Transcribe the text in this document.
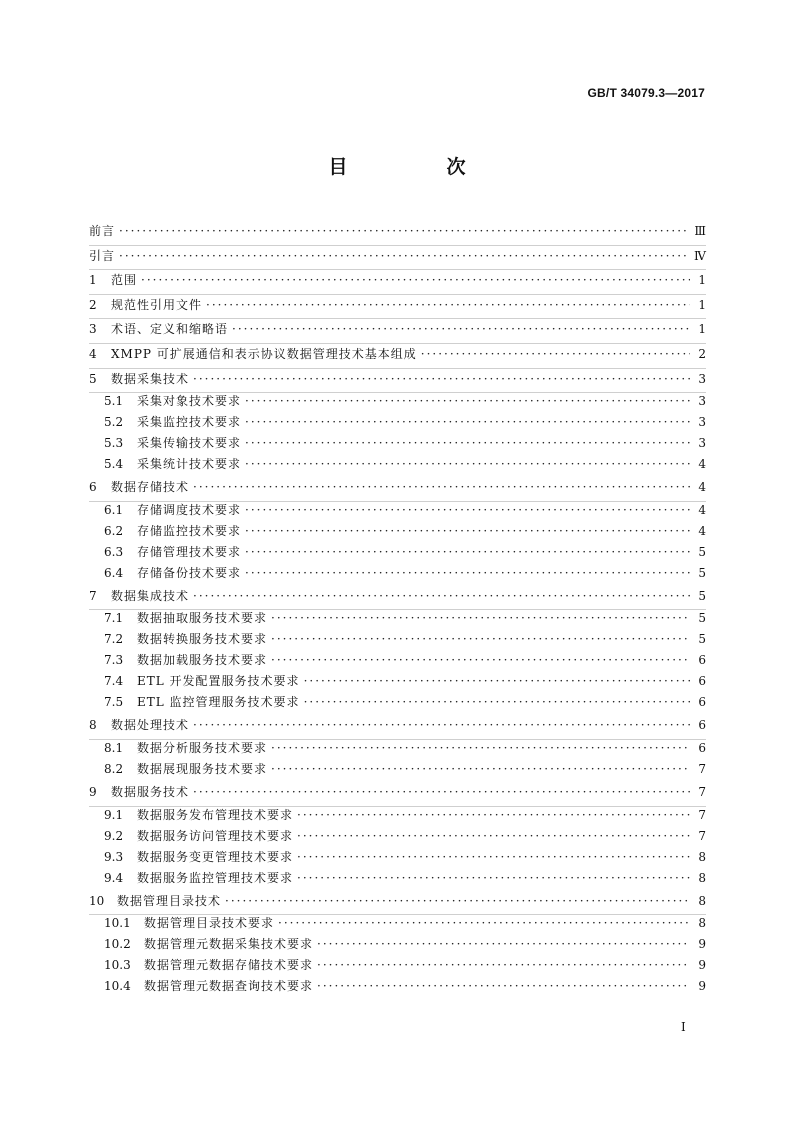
GB/T 34079.3—2017
目　次
前言 ·····	Ⅲ
引言 ·····	Ⅳ
1	范围 ·····	1
2	规范性引用文件 ·····	1
3	术语、定义和缩略语 ·····	1
4	XMPP 可扩展通信和表示协议数据管理技术基本组成 ·····	2
5	数据采集技术 ·····	3
5.1	采集对象技术要求 ·····	3
5.2	采集监控技术要求 ·····	3
5.3	采集传输技术要求 ·····	3
5.4	采集统计技术要求 ·····	4
6	数据存储技术 ·····	4
6.1	存储调度技术要求 ·····	4
6.2	存储监控技术要求 ·····	4
6.3	存储管理技术要求 ·····	5
6.4	存储备份技术要求 ·····	5
7	数据集成技术 ·····	5
7.1	数据抽取服务技术要求 ·····	5
7.2	数据转换服务技术要求 ·····	5
7.3	数据加载服务技术要求 ·····	6
7.4	ETL 开发配置服务技术要求 ·····	6
7.5	ETL 监控管理服务技术要求 ·····	6
8	数据处理技术 ·····	6
8.1	数据分析服务技术要求 ·····	6
8.2	数据展现服务技术要求 ·····	7
9	数据服务技术 ·····	7
9.1	数据服务发布管理技术要求 ·····	7
9.2	数据服务访问管理技术要求 ·····	7
9.3	数据服务变更管理技术要求 ·····	8
9.4	数据服务监控管理技术要求 ·····	8
10	数据管理目录技术 ·····	8
10.1	数据管理目录技术要求 ·····	8
10.2	数据管理元数据采集技术要求 ·····	9
10.3	数据管理元数据存储技术要求 ·····	9
10.4	数据管理元数据查询技术要求 ·····	9
I
